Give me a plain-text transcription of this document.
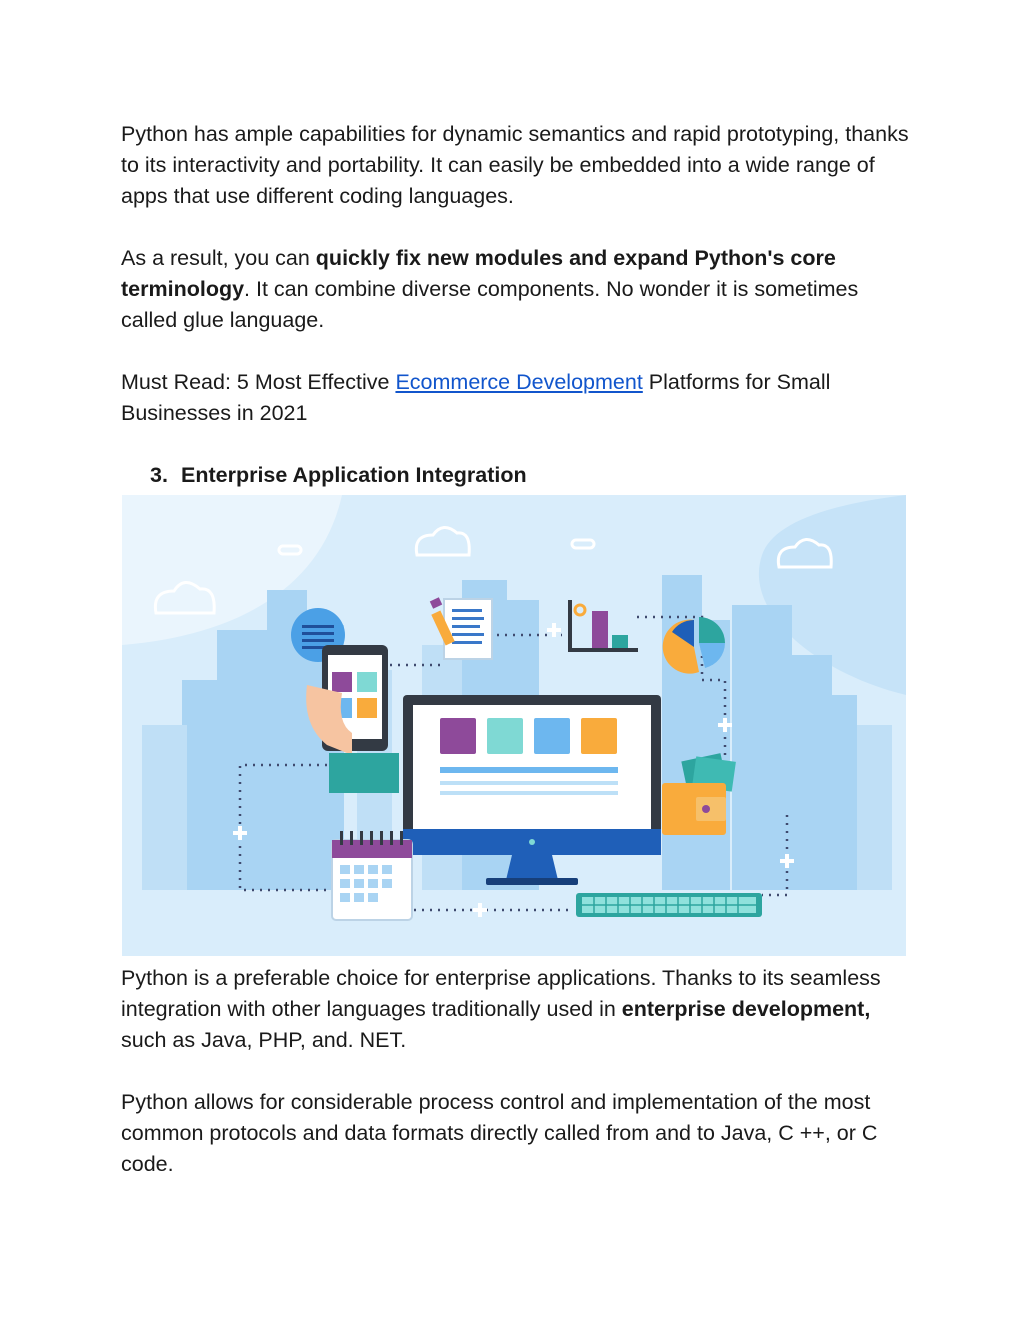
Python has ample capabilities for dynamic semantics and rapid prototyping, thanks to its interactivity and portability. It can easily be embedded into a wide range of apps that use different coding languages.

As a result, you can quickly fix new modules and expand Python's core terminology. It can combine diverse components. No wonder it is sometimes called glue language.

Must Read: 5 Most Effective Ecommerce Development Platforms for Small Businesses in 2021

3. Enterprise Application Integration

Python is a preferable choice for enterprise applications. Thanks to its seamless integration with other languages traditionally used in enterprise development, such as Java, PHP, and. NET.

Python allows for considerable process control and implementation of the most common protocols and data formats directly called from and to Java, C ++, or C code.
